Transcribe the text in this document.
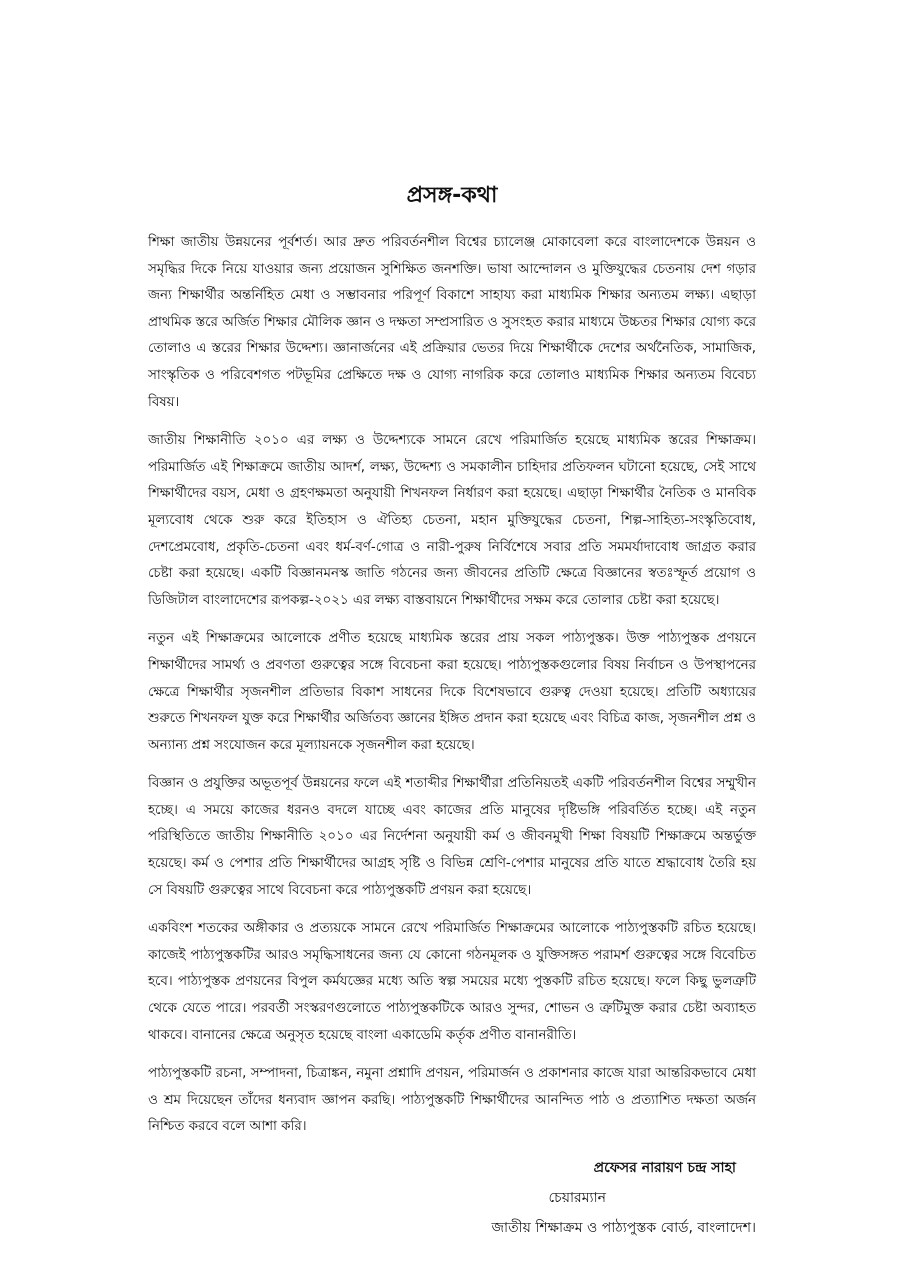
প্রসঙ্গ-কথা

শিক্ষা জাতীয় উন্নয়নের পূর্বশর্ত। আর দ্রুত পরিবর্তনশীল বিশ্বের চ্যালেঞ্জ মোকাবেলা করে বাংলাদেশকে উন্নয়ন ও সমৃদ্ধির দিকে নিয়ে যাওয়ার জন্য প্রয়োজন সুশিক্ষিত জনশক্তি। ভাষা আন্দোলন ও মুক্তিযুদ্ধের চেতনায় দেশ গড়ার জন্য শিক্ষার্থীর অন্তর্নিহিত মেধা ও সম্ভাবনার পরিপূর্ণ বিকাশে সাহায্য করা মাধ্যমিক শিক্ষার অন্যতম লক্ষ্য। এছাড়া প্রাথমিক স্তরে অর্জিত শিক্ষার মৌলিক জ্ঞান ও দক্ষতা সম্প্রসারিত ও সুসংহত করার মাধ্যমে উচ্চতর শিক্ষার যোগ্য করে তোলাও এ স্তরের শিক্ষার উদ্দেশ্য। জ্ঞানার্জনের এই প্রক্রিয়ার ভেতর দিয়ে শিক্ষার্থীকে দেশের অর্থনৈতিক, সামাজিক, সাংস্কৃতিক ও পরিবেশগত পটভূমির প্রেক্ষিতে দক্ষ ও যোগ্য নাগরিক করে তোলাও মাধ্যমিক শিক্ষার অন্যতম বিবেচ্য বিষয়।

জাতীয় শিক্ষানীতি ২০১০ এর লক্ষ্য ও উদ্দেশ্যকে সামনে রেখে পরিমার্জিত হয়েছে মাধ্যমিক স্তরের শিক্ষাক্রম। পরিমার্জিত এই শিক্ষাক্রমে জাতীয় আদর্শ, লক্ষ্য, উদ্দেশ্য ও সমকালীন চাহিদার প্রতিফলন ঘটানো হয়েছে, সেই সাথে শিক্ষার্থীদের বয়স, মেধা ও গ্রহণক্ষমতা অনুযায়ী শিখনফল নির্ধারণ করা হয়েছে। এছাড়া শিক্ষার্থীর নৈতিক ও মানবিক মূল্যবোধ থেকে শুরু করে ইতিহাস ও ঐতিহ্য চেতনা, মহান মুক্তিযুদ্ধের চেতনা, শিল্প-সাহিত্য-সংস্কৃতিবোধ, দেশপ্রেমবোধ, প্রকৃতি-চেতনা এবং ধর্ম-বর্ণ-গোত্র ও নারী-পুরুষ নির্বিশেষে সবার প্রতি সমমর্যাদাবোধ জাগ্রত করার চেষ্টা করা হয়েছে। একটি বিজ্ঞানমনস্ক জাতি গঠনের জন্য জীবনের প্রতিটি ক্ষেত্রে বিজ্ঞানের স্বতঃস্ফূর্ত প্রয়োগ ও ডিজিটাল বাংলাদেশের রূপকল্প-২০২১ এর লক্ষ্য বাস্তবায়নে শিক্ষার্থীদের সক্ষম করে তোলার চেষ্টা করা হয়েছে।

নতুন এই শিক্ষাক্রমের আলোকে প্রণীত হয়েছে মাধ্যমিক স্তরের প্রায় সকল পাঠ্যপুস্তক। উক্ত পাঠ্যপুস্তক প্রণয়নে শিক্ষার্থীদের সামর্থ্য ও প্রবণতা গুরুত্বের সঙ্গে বিবেচনা করা হয়েছে। পাঠ্যপুস্তকগুলোর বিষয় নির্বাচন ও উপস্থাপনের ক্ষেত্রে শিক্ষার্থীর সৃজনশীল প্রতিভার বিকাশ সাধনের দিকে বিশেষভাবে গুরুত্ব দেওয়া হয়েছে। প্রতিটি অধ্যায়ের শুরুতে শিখনফল যুক্ত করে শিক্ষার্থীর অর্জিতব্য জ্ঞানের ইঙ্গিত প্রদান করা হয়েছে এবং বিচিত্র কাজ, সৃজনশীল প্রশ্ন ও অন্যান্য প্রশ্ন সংযোজন করে মূল্যায়নকে সৃজনশীল করা হয়েছে।

বিজ্ঞান ও প্রযুক্তির অভূতপূর্ব উন্নয়নের ফলে এই শতাব্দীর শিক্ষার্থীরা প্রতিনিয়তই একটি পরিবর্তনশীল বিশ্বের সম্মুখীন হচ্ছে। এ সময়ে কাজের ধরনও বদলে যাচ্ছে এবং কাজের প্রতি মানুষের দৃষ্টিভঙ্গি পরিবর্তিত হচ্ছে। এই নতুন পরিস্থিতিতে জাতীয় শিক্ষানীতি ২০১০ এর নির্দেশনা অনুযায়ী কর্ম ও জীবনমুখী শিক্ষা বিষয়টি শিক্ষাক্রমে অন্তর্ভুক্ত হয়েছে। কর্ম ও পেশার প্রতি শিক্ষার্থীদের আগ্রহ সৃষ্টি ও বিভিন্ন শ্রেণি-পেশার মানুষের প্রতি যাতে শ্রদ্ধাবোধ তৈরি হয় সে বিষয়টি গুরুত্বের সাথে বিবেচনা করে পাঠ্যপুস্তকটি প্রণয়ন করা হয়েছে।

একবিংশ শতকের অঙ্গীকার ও প্রত্যয়কে সামনে রেখে পরিমার্জিত শিক্ষাক্রমের আলোকে পাঠ্যপুস্তকটি রচিত হয়েছে। কাজেই পাঠ্যপুস্তকটির আরও সমৃদ্ধিসাধনের জন্য যে কোনো গঠনমূলক ও যুক্তিসঙ্গত পরামর্শ গুরুত্বের সঙ্গে বিবেচিত হবে। পাঠ্যপুস্তক প্রণয়নের বিপুল কর্মযজ্ঞের মধ্যে অতি স্বল্প সময়ের মধ্যে পুস্তকটি রচিত হয়েছে। ফলে কিছু ভুলত্রুটি থেকে যেতে পারে। পরবর্তী সংস্করণগুলোতে পাঠ্যপুস্তকটিকে আরও সুন্দর, শোভন ও ত্রুটিমুক্ত করার চেষ্টা অব্যাহত থাকবে। বানানের ক্ষেত্রে অনুসৃত হয়েছে বাংলা একাডেমি কর্তৃক প্রণীত বানানরীতি।

পাঠ্যপুস্তকটি রচনা, সম্পাদনা, চিত্রাঙ্কন, নমুনা প্রশ্নাদি প্রণয়ন, পরিমার্জন ও প্রকাশনার কাজে যারা আন্তরিকভাবে মেধা ও শ্রম দিয়েছেন তাঁদের ধন্যবাদ জ্ঞাপন করছি। পাঠ্যপুস্তকটি শিক্ষার্থীদের আনন্দিত পাঠ ও প্রত্যাশিত দক্ষতা অর্জন নিশ্চিত করবে বলে আশা করি।

প্রফেসর নারায়ণ চন্দ্র সাহা
চেয়ারম্যান
জাতীয় শিক্ষাক্রম ও পাঠ্যপুস্তক বোর্ড, বাংলাদেশ।
